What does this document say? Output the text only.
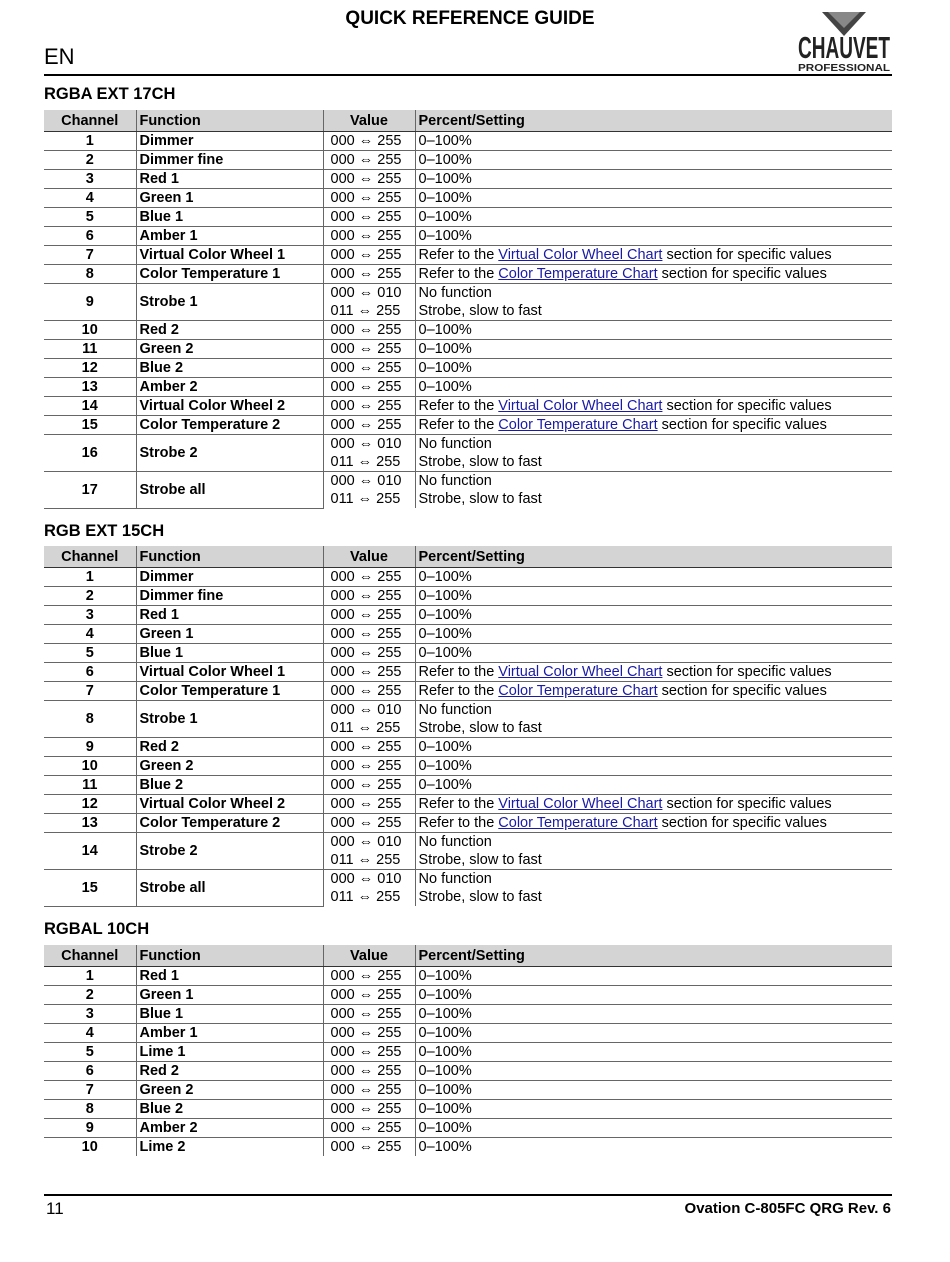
QUICK REFERENCE GUIDE
EN	CHAUVET
PROFESSIONAL
RGBA EXT 17CH
Channel	Function	Value	Percent/Setting
1	Dimmer	000 ⇔ 255	0–100%
2	Dimmer fine	000 ⇔ 255	0–100%
3	Red 1	000 ⇔ 255	0–100%
4	Green 1	000 ⇔ 255	0–100%
5	Blue 1	000 ⇔ 255	0–100%
6	Amber 1	000 ⇔ 255	0–100%
7	Virtual Color Wheel 1	000 ⇔ 255	Refer to the Virtual Color Wheel Chart section for specific values
8	Color Temperature 1	000 ⇔ 255	Refer to the Color Temperature Chart section for specific values
9	Strobe 1	000 ⇔ 010	No function
		011 ⇔ 255	Strobe, slow to fast
10	Red 2	000 ⇔ 255	0–100%
11	Green 2	000 ⇔ 255	0–100%
12	Blue 2	000 ⇔ 255	0–100%
13	Amber 2	000 ⇔ 255	0–100%
14	Virtual Color Wheel 2	000 ⇔ 255	Refer to the Virtual Color Wheel Chart section for specific values
15	Color Temperature 2	000 ⇔ 255	Refer to the Color Temperature Chart section for specific values
16	Strobe 2	000 ⇔ 010	No function
		011 ⇔ 255	Strobe, slow to fast
17	Strobe all	000 ⇔ 010	No function
		011 ⇔ 255	Strobe, slow to fast
RGB EXT 15CH
Channel	Function	Value	Percent/Setting
1	Dimmer	000 ⇔ 255	0–100%
2	Dimmer fine	000 ⇔ 255	0–100%
3	Red 1	000 ⇔ 255	0–100%
4	Green 1	000 ⇔ 255	0–100%
5	Blue 1	000 ⇔ 255	0–100%
6	Virtual Color Wheel 1	000 ⇔ 255	Refer to the Virtual Color Wheel Chart section for specific values
7	Color Temperature 1	000 ⇔ 255	Refer to the Color Temperature Chart section for specific values
8	Strobe 1	000 ⇔ 010	No function
		011 ⇔ 255	Strobe, slow to fast
9	Red 2	000 ⇔ 255	0–100%
10	Green 2	000 ⇔ 255	0–100%
11	Blue 2	000 ⇔ 255	0–100%
12	Virtual Color Wheel 2	000 ⇔ 255	Refer to the Virtual Color Wheel Chart section for specific values
13	Color Temperature 2	000 ⇔ 255	Refer to the Color Temperature Chart section for specific values
14	Strobe 2	000 ⇔ 010	No function
		011 ⇔ 255	Strobe, slow to fast
15	Strobe all	000 ⇔ 010	No function
		011 ⇔ 255	Strobe, slow to fast
RGBAL 10CH
Channel	Function	Value	Percent/Setting
1	Red 1	000 ⇔ 255	0–100%
2	Green 1	000 ⇔ 255	0–100%
3	Blue 1	000 ⇔ 255	0–100%
4	Amber 1	000 ⇔ 255	0–100%
5	Lime 1	000 ⇔ 255	0–100%
6	Red 2	000 ⇔ 255	0–100%
7	Green 2	000 ⇔ 255	0–100%
8	Blue 2	000 ⇔ 255	0–100%
9	Amber 2	000 ⇔ 255	0–100%
10	Lime 2	000 ⇔ 255	0–100%
11	Ovation C-805FC QRG Rev. 6
